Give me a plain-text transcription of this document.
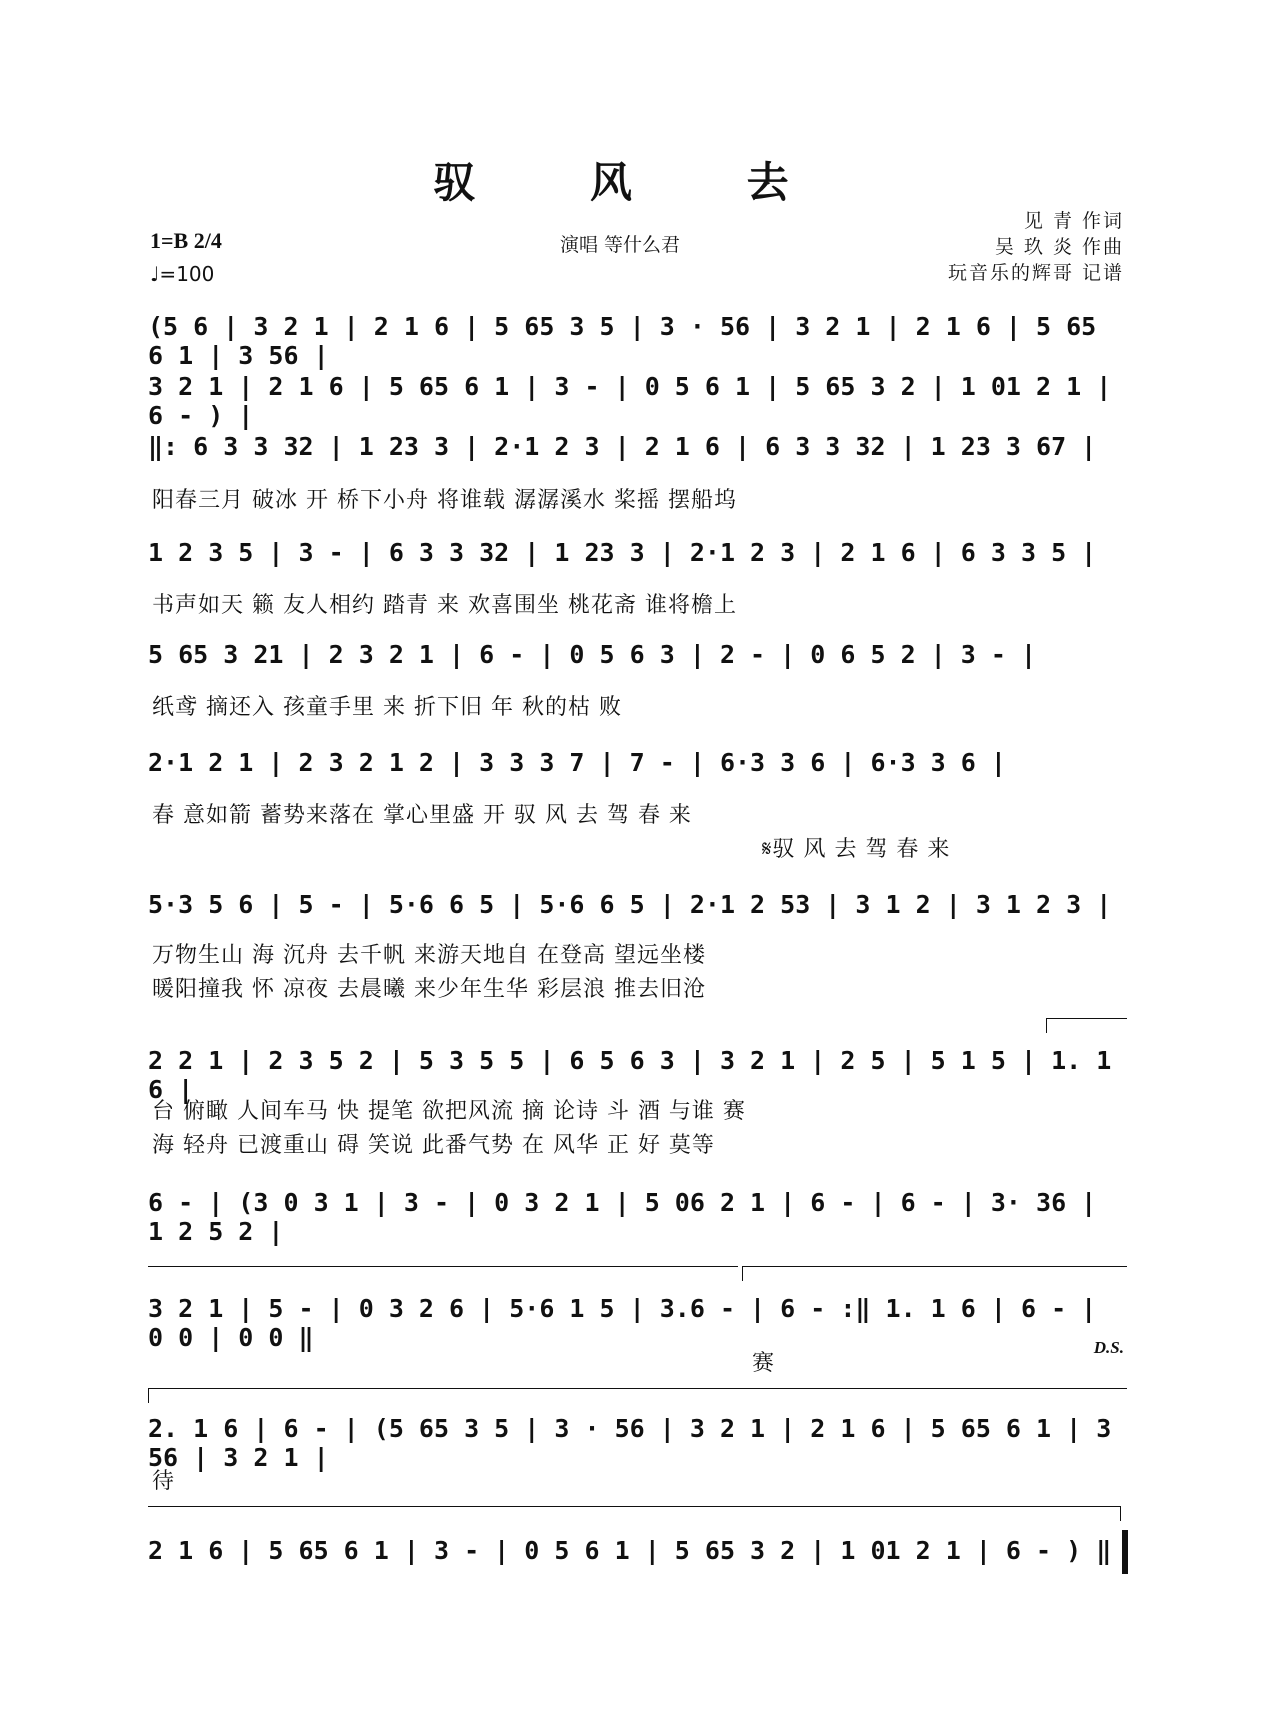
驭 风 去
1=B 2/4
♩=100
演唱 等什么君
见 青 作词
吴 玖 炎 作曲
玩音乐的辉哥 记谱
(5 6 | 3 2 1 | 2 1 6 | 5 65 3 5 | 3 · 56 | 3 2 1 | 2 1 6 | 5 65 6 1 | 3 56 |
3 2 1 | 2 1 6 | 5 65 6 1 | 3 - | 0 5 6 1 | 5 65 3 2 | 1 01 2 1 | 6 - ) |
‖: 6 3 3 32 | 1 23 3 | 2·1 2 3 | 2 1 6 | 6 3 3 32 | 1 23 3 67 |
阳春三月 破冰 开 桥下小舟 将谁载 潺潺溪水 桨摇 摆船坞
1 2 3 5 | 3 - | 6 3 3 32 | 1 23 3 | 2·1 2 3 | 2 1 6 | 6 3 3 5 |
书声如天 籁 友人相约 踏青 来 欢喜围坐 桃花斋 谁将檐上
5 65 3 21 | 2 3 2 1 | 6 - | 0 5 6 3 | 2 - | 0 6 5 2 | 3 - |
纸鸢 摘还入 孩童手里 来 折下旧 年 秋的枯 败
2·1 2 1 | 2 3 2 1 2 | 3 3 3 7 | 7 - | 6·3 3 6 | 6·3 3 6 |
春 意如箭 蓄势来落在 掌心里盛 开 驭 风 去 驾 春 来
𝄋驭 风 去 驾 春 来
5·3 5 6 | 5 - | 5·6 6 5 | 5·6 6 5 | 2·1 2 53 | 3 1 2 | 3 1 2 3 |
万物生山 海 沉舟 去千帆 来游天地自 在登高 望远坐楼
暖阳撞我 怀 凉夜 去晨曦 来少年生华 彩层浪 推去旧沧
2 2 1 | 2 3 5 2 | 5 3 5 5 | 6 5 6 3 | 3 2 1 | 2 5 | 5 1 5 | 1. 1 6 |
台 俯瞰 人间车马 快 提笔 欲把风流 摘 论诗 斗 酒 与谁 赛
海 轻舟 已渡重山 碍 笑说 此番气势 在 风华 正 好 莫等
6 - | (3 0 3 1 | 3 - | 0 3 2 1 | 5 06 2 1 | 6 - | 6 - | 3· 36 | 1 2 5 2 |
3 2 1 | 5 - | 0 3 2 6 | 5·6 1 5 | 3.6 - | 6 - :‖ 1. 1 6 | 6 - | 0 0 | 0 0 ‖
赛
D.S.
2. 1 6 | 6 - | (5 65 3 5 | 3 · 56 | 3 2 1 | 2 1 6 | 5 65 6 1 | 3 56 | 3 2 1 |
待
2 1 6 | 5 65 6 1 | 3 - | 0 5 6 1 | 5 65 3 2 | 1 01 2 1 | 6 - ) ‖
